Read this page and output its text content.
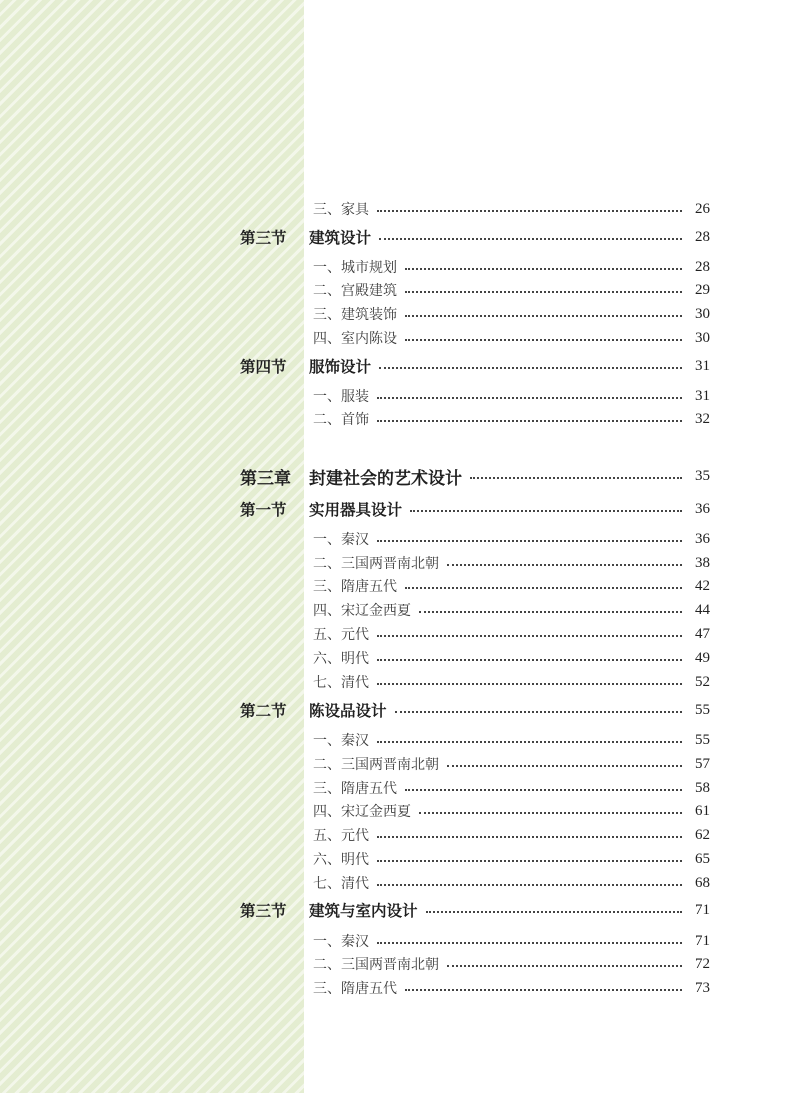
三、家具	26
第三节	建筑设计	28
一、城市规划	28
二、宫殿建筑	29
三、建筑装饰	30
四、室内陈设	30
第四节	服饰设计	31
一、服装	31
二、首饰	32
第三章	封建社会的艺术设计	35
第一节	实用器具设计	36
一、秦汉	36
二、三国两晋南北朝	38
三、隋唐五代	42
四、宋辽金西夏	44
五、元代	47
六、明代	49
七、清代	52
第二节	陈设品设计	55
一、秦汉	55
二、三国两晋南北朝	57
三、隋唐五代	58
四、宋辽金西夏	61
五、元代	62
六、明代	65
七、清代	68
第三节	建筑与室内设计	71
一、秦汉	71
二、三国两晋南北朝	72
三、隋唐五代	73
